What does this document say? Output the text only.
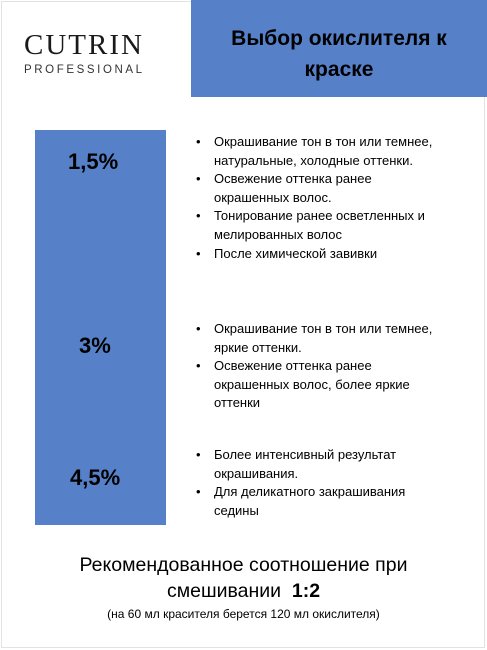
CUTRIN
PROFESSIONAL
Выбор окислителя к краске
1,5%
3%
4,5%
• Окрашивание тон в тон или темнее, натуральные, холодные оттенки.
• Освежение оттенка ранее окрашенных волос.
• Тонирование ранее осветленных и мелированных волос
• После химической завивки
• Окрашивание тон в тон или темнее, яркие оттенки.
• Освежение оттенка ранее окрашенных волос, более яркие оттенки
• Более интенсивный результат окрашивания.
• Для деликатного закрашивания седины
Рекомендованное соотношение при
смешивании 1:2
(на 60 мл красителя берется 120 мл окислителя)
